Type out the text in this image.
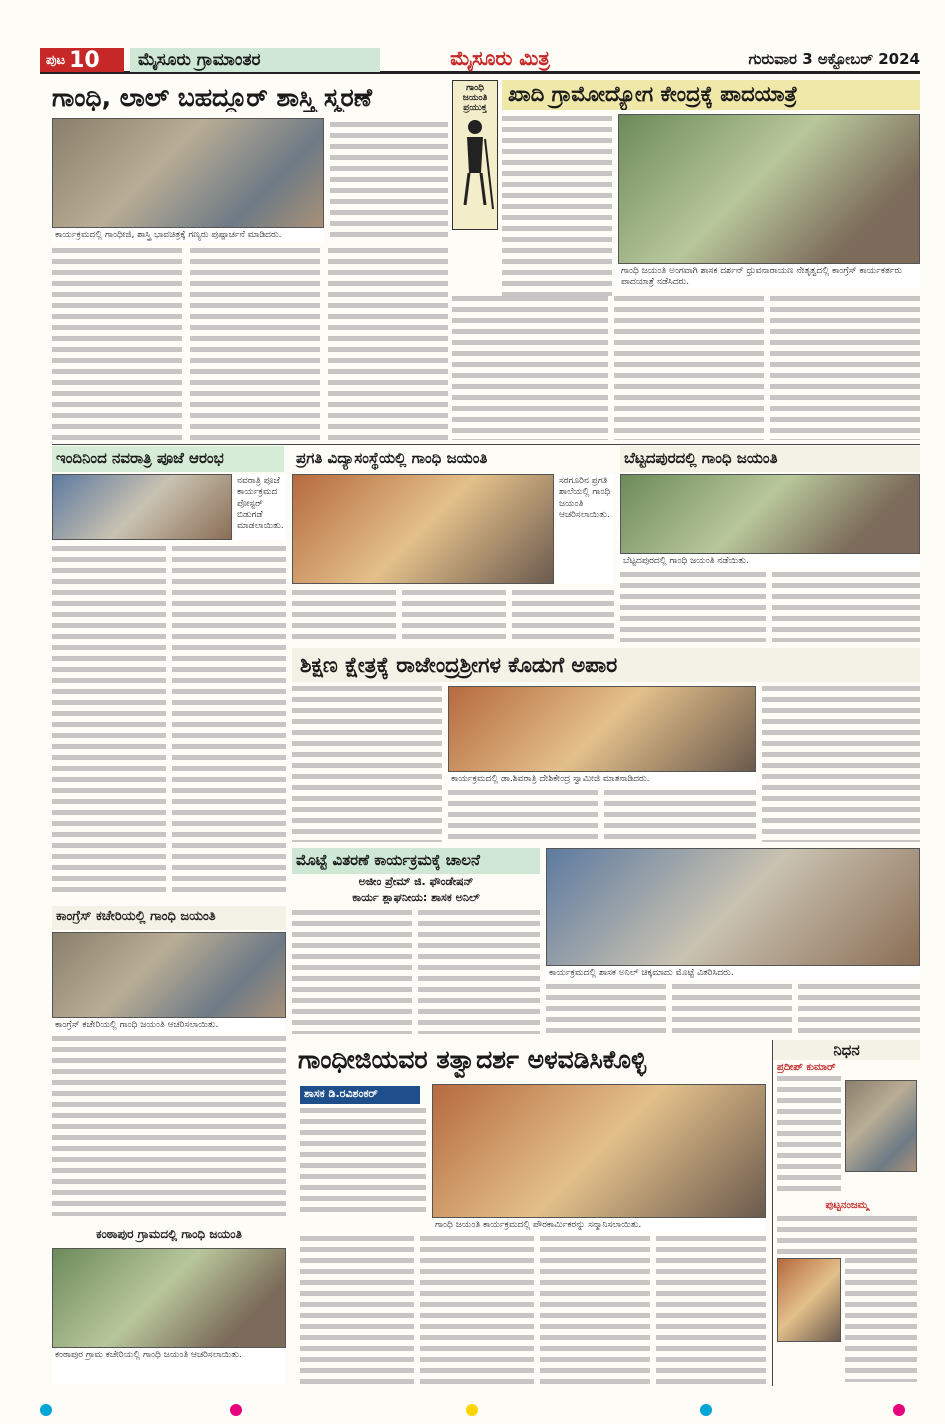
ಪುಟ 10	ಮೈಸೂರು ಗ್ರಾಮಾಂತರ	ಮೈಸೂರು ಮಿತ್ರ	ಗುರುವಾರ 3 ಅಕ್ಟೋಬರ್ 2024
ಗಾಂಧಿ, ಲಾಲ್ ಬಹದ್ದೂರ್ ಶಾಸ್ತ್ರಿ ಸ್ಮರಣೆ
ಕಾರ್ಯಕ್ರಮದಲ್ಲಿ ಗಾಂಧೀಜಿ, ಶಾಸ್ತ್ರಿ ಭಾವಚಿತ್ರಕ್ಕೆ ಗಣ್ಯರು ಪುಷ್ಪಾರ್ಚನೆ ಮಾಡಿದರು.
ಗಾಂಧಿ
ಜಯಂತಿ
ಪ್ರಯುಕ್ತ
ಖಾದಿ ಗ್ರಾಮೋದ್ಯೋಗ ಕೇಂದ್ರಕ್ಕೆ ಪಾದಯಾತ್ರೆ
ಗಾಂಧಿ ಜಯಂತಿ ಅಂಗವಾಗಿ ಶಾಸಕ ದರ್ಶನ್ ಧ್ರುವನಾರಾಯಣ ನೇತೃತ್ವದಲ್ಲಿ ಕಾಂಗ್ರೆಸ್ ಕಾರ್ಯಕರ್ತರು ಪಾದಯಾತ್ರೆ ನಡೆಸಿದರು.
ಇಂದಿನಿಂದ ನವರಾತ್ರಿ ಪೂಜೆ ಆರಂಭ
ನವರಾತ್ರಿ ಪೂಜೆ ಕಾರ್ಯಕ್ರಮದ ಪೋಸ್ಟರ್ ಬಿಡುಗಡೆ ಮಾಡಲಾಯಿತು.
ಪ್ರಗತಿ ವಿದ್ಯಾಸಂಸ್ಥೆಯಲ್ಲಿ ಗಾಂಧಿ ಜಯಂತಿ
ಸರಗೂರಿನ ಪ್ರಗತಿ ಶಾಲೆಯಲ್ಲಿ ಗಾಂಧಿ ಜಯಂತಿ ಆಚರಿಸಲಾಯಿತು.
ಬೆಟ್ಟದಪುರದಲ್ಲಿ ಗಾಂಧಿ ಜಯಂತಿ
ಬೆಟ್ಟದಪುರದಲ್ಲಿ ಗಾಂಧಿ ಜಯಂತಿ ನಡೆಯಿತು.
ಶಿಕ್ಷಣ ಕ್ಷೇತ್ರಕ್ಕೆ ರಾಜೇಂದ್ರಶ್ರೀಗಳ ಕೊಡುಗೆ ಅಪಾರ
ಕಾರ್ಯಕ್ರಮದಲ್ಲಿ ಡಾ.ಶಿವರಾತ್ರಿ ದೇಶಿಕೇಂದ್ರ ಸ್ವಾಮೀಜಿ ಮಾತನಾಡಿದರು.
ಮೊಟ್ಟೆ ವಿತರಣೆ ಕಾರ್ಯಕ್ರಮಕ್ಕೆ ಚಾಲನೆ
ಅಜೀಂ ಪ್ರೇಮ್ ಜಿ. ಫೌಂಡೇಷನ್
ಕಾರ್ಯ ಶ್ಲಾಘನೀಯ: ಶಾಸಕ ಅನಿಲ್
ಕಾರ್ಯಕ್ರಮದಲ್ಲಿ ಶಾಸಕ ಅನಿಲ್ ಚಿಕ್ಕಮಾದು ಮೊಟ್ಟೆ ವಿತರಿಸಿದರು.
ಕಾಂಗ್ರೆಸ್ ಕಚೇರಿಯಲ್ಲಿ ಗಾಂಧಿ ಜಯಂತಿ
ಕಾಂಗ್ರೆಸ್ ಕಚೇರಿಯಲ್ಲಿ ಗಾಂಧಿ ಜಯಂತಿ ಆಚರಿಸಲಾಯಿತು.
ಗಾಂಧೀಜಿಯವರ ತತ್ವಾದರ್ಶ ಅಳವಡಿಸಿಕೊಳ್ಳಿ
ಶಾಸಕ ಡಿ.ರವಿಶಂಕರ್
ಗಾಂಧಿ ಜಯಂತಿ ಕಾರ್ಯಕ್ರಮದಲ್ಲಿ ಪೌರಕಾರ್ಮಿಕರನ್ನು ಸನ್ಮಾನಿಸಲಾಯಿತು.
ಕಂಠಾಪುರ ಗ್ರಾಮದಲ್ಲಿ ಗಾಂಧಿ ಜಯಂತಿ
ಕಂಠಾಪುರ ಗ್ರಾಮ ಕಚೇರಿಯಲ್ಲಿ ಗಾಂಧಿ ಜಯಂತಿ ಆಚರಿಸಲಾಯಿತು.
ನಿಧನ
ಪ್ರದೀಪ್ ಕುಮಾರ್
ಪುಟ್ಟನಂಜಮ್ಮ
